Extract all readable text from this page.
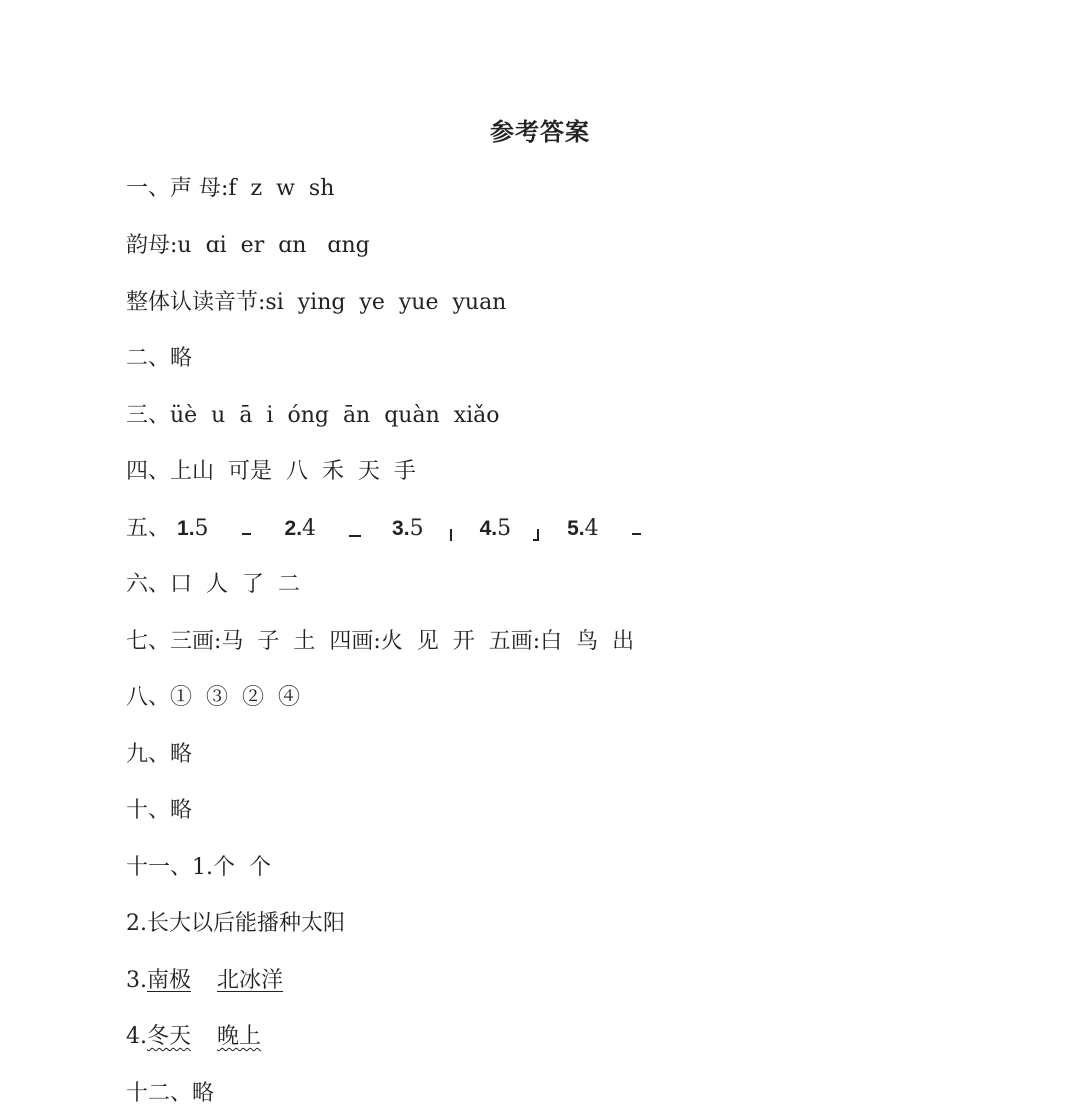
参考答案
一、声 母:f  z  w  sh
韵母:u  ɑi  er  ɑn   ɑng
整体认读音节:si  ying  ye  yue  yuan
二、略
三、üè  u  ā  i  óng  ān  quàn  xiǎo
四、上山  可是  八  禾  天  手
五、 1.5	2.4	3.5	4.5	5.4
六、口  人  了  二
七、三画:马  子  土  四画:火  见  开  五画:白  鸟  出
八、①  ③  ②  ④
九、略
十、略
十一、1.个  个
2.长大以后能播种太阳
3.南极 北冰洋
4.冬天 晚上
十二、略
